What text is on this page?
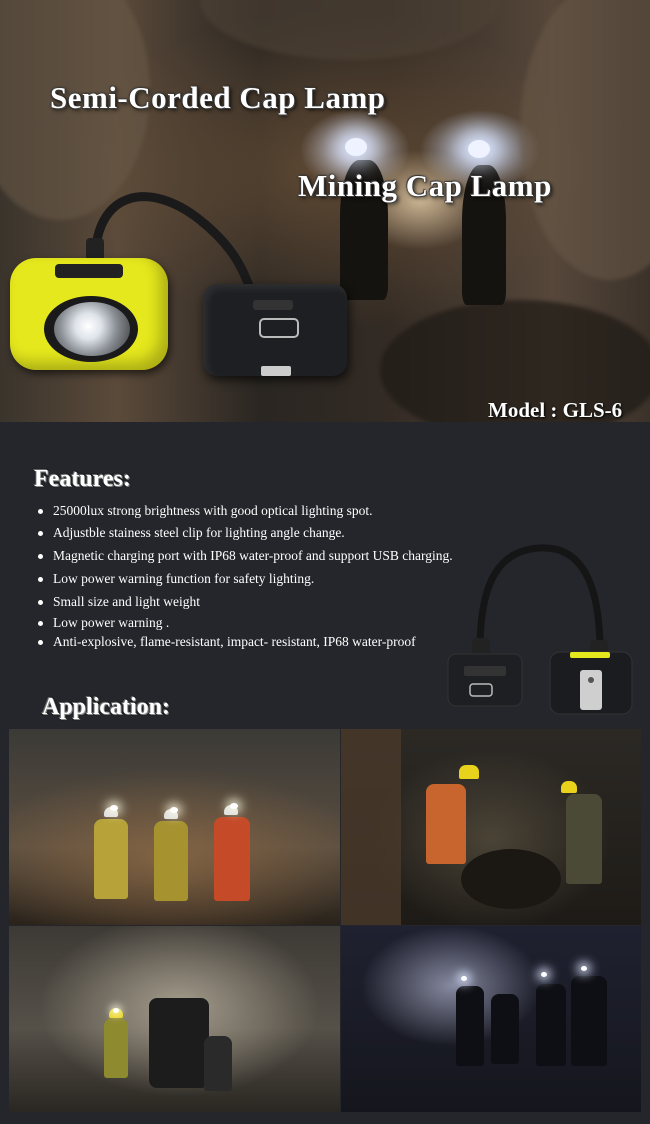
Semi-Corded Cap Lamp
Mining Cap Lamp
Model : GLS-6
Features:
25000lux strong brightness with good optical lighting spot.
Adjustble stainess steel clip for lighting angle change.
Magnetic charging port with IP68 water-proof and support USB charging.
Low power warning function for safety lighting.
Small size and light weight
Low power warning .
Anti-explosive, flame-resistant, impact- resistant, IP68 water-proof
Application:
